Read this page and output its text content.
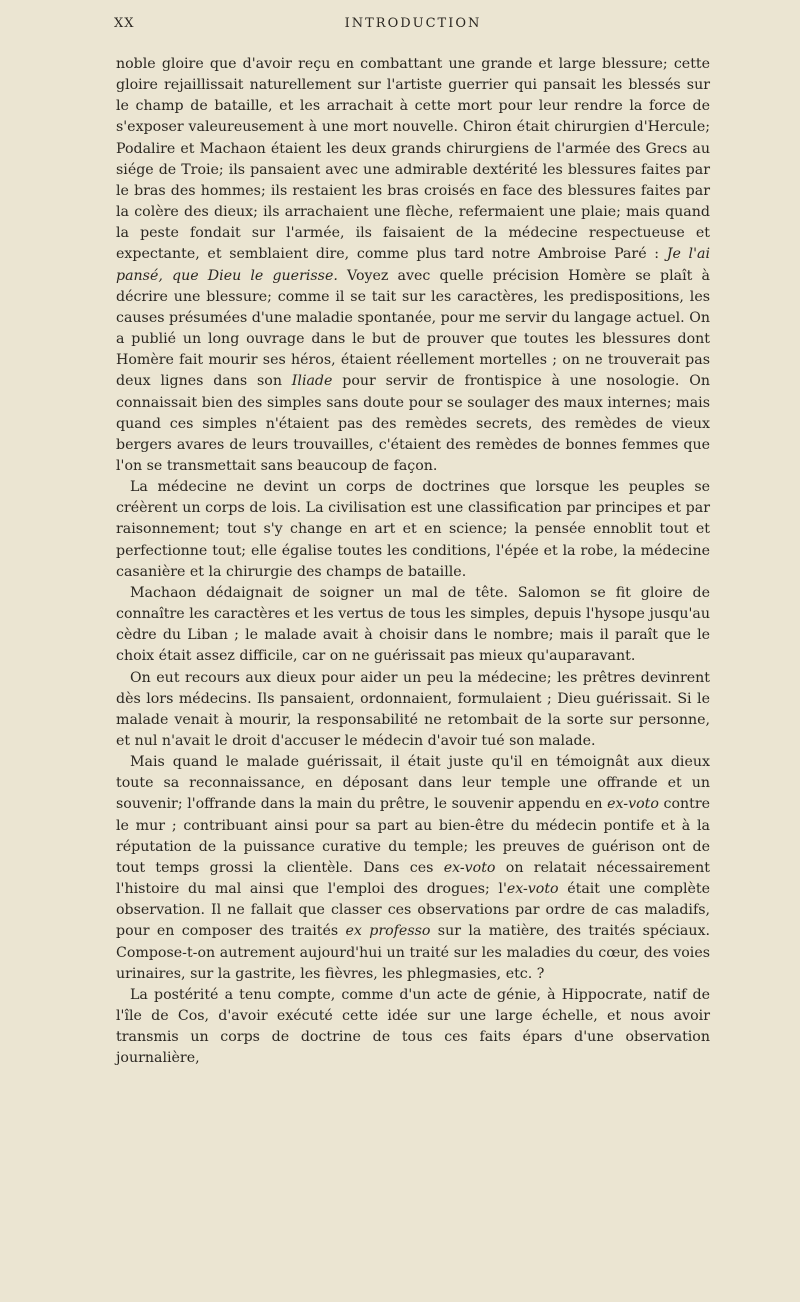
XX	INTRODUCTION

noble gloire que d'avoir reçu en combattant une grande et large blessure; cette gloire rejaillissait naturellement sur l'artiste guerrier qui pansait les blessés sur le champ de bataille, et les arrachait à cette mort pour leur rendre la force de s'exposer valeureusement à une mort nouvelle. Chiron était chirurgien d'Hercule; Podalire et Machaon étaient les deux grands chirurgiens de l'armée des Grecs au siége de Troie; ils pansaient avec une admirable dextérité les blessures faites par le bras des hommes; ils restaient les bras croisés en face des blessures faites par la colère des dieux; ils arrachaient une flèche, refermaient une plaie; mais quand la peste fondait sur l'armée, ils faisaient de la médecine respectueuse et expectante, et semblaient dire, comme plus tard notre Ambroise Paré : Je l'ai pansé, que Dieu le guerisse. Voyez avec quelle précision Homère se plaît à décrire une blessure; comme il se tait sur les caractères, les predispositions, les causes présumées d'une maladie spontanée, pour me servir du langage actuel. On a publié un long ouvrage dans le but de prouver que toutes les blessures dont Homère fait mourir ses héros, étaient réellement mortelles ; on ne trouverait pas deux lignes dans son Iliade pour servir de frontispice à une nosologie. On connaissait bien des simples sans doute pour se soulager des maux internes; mais quand ces simples n'étaient pas des remèdes secrets, des remèdes de vieux bergers avares de leurs trouvailles, c'étaient des remèdes de bonnes femmes que l'on se transmettait sans beaucoup de façon.

La médecine ne devint un corps de doctrines que lorsque les peuples se créèrent un corps de lois. La civilisation est une classification par principes et par raisonnement; tout s'y change en art et en science; la pensée ennoblit tout et perfectionne tout; elle égalise toutes les conditions, l'épée et la robe, la médecine casanière et la chirurgie des champs de bataille.

Machaon dédaignait de soigner un mal de tête. Salomon se fit gloire de connaître les caractères et les vertus de tous les simples, depuis l'hysope jusqu'au cèdre du Liban ; le malade avait à choisir dans le nombre; mais il paraît que le choix était assez difficile, car on ne guérissait pas mieux qu'auparavant.

On eut recours aux dieux pour aider un peu la médecine; les prêtres devinrent dès lors médecins. Ils pansaient, ordonnaient, formulaient ; Dieu guérissait. Si le malade venait à mourir, la responsabilité ne retombait de la sorte sur personne, et nul n'avait le droit d'accuser le médecin d'avoir tué son malade.

Mais quand le malade guérissait, il était juste qu'il en témoignât aux dieux toute sa reconnaissance, en déposant dans leur temple une offrande et un souvenir; l'offrande dans la main du prêtre, le souvenir appendu en ex-voto contre le mur ; contribuant ainsi pour sa part au bien-être du médecin pontife et à la réputation de la puissance curative du temple; les preuves de guérison ont de tout temps grossi la clientèle. Dans ces ex-voto on relatait nécessairement l'histoire du mal ainsi que l'emploi des drogues; l'ex-voto était une complète observation. Il ne fallait que classer ces observations par ordre de cas maladifs, pour en composer des traités ex professo sur la matière, des traités spéciaux. Compose-t-on autrement aujourd'hui un traité sur les maladies du cœur, des voies urinaires, sur la gastrite, les fièvres, les phlegmasies, etc. ?

La postérité a tenu compte, comme d'un acte de génie, à Hippocrate, natif de l'île de Cos, d'avoir exécuté cette idée sur une large échelle, et nous avoir transmis un corps de doctrine de tous ces faits épars d'une observation journalière,
